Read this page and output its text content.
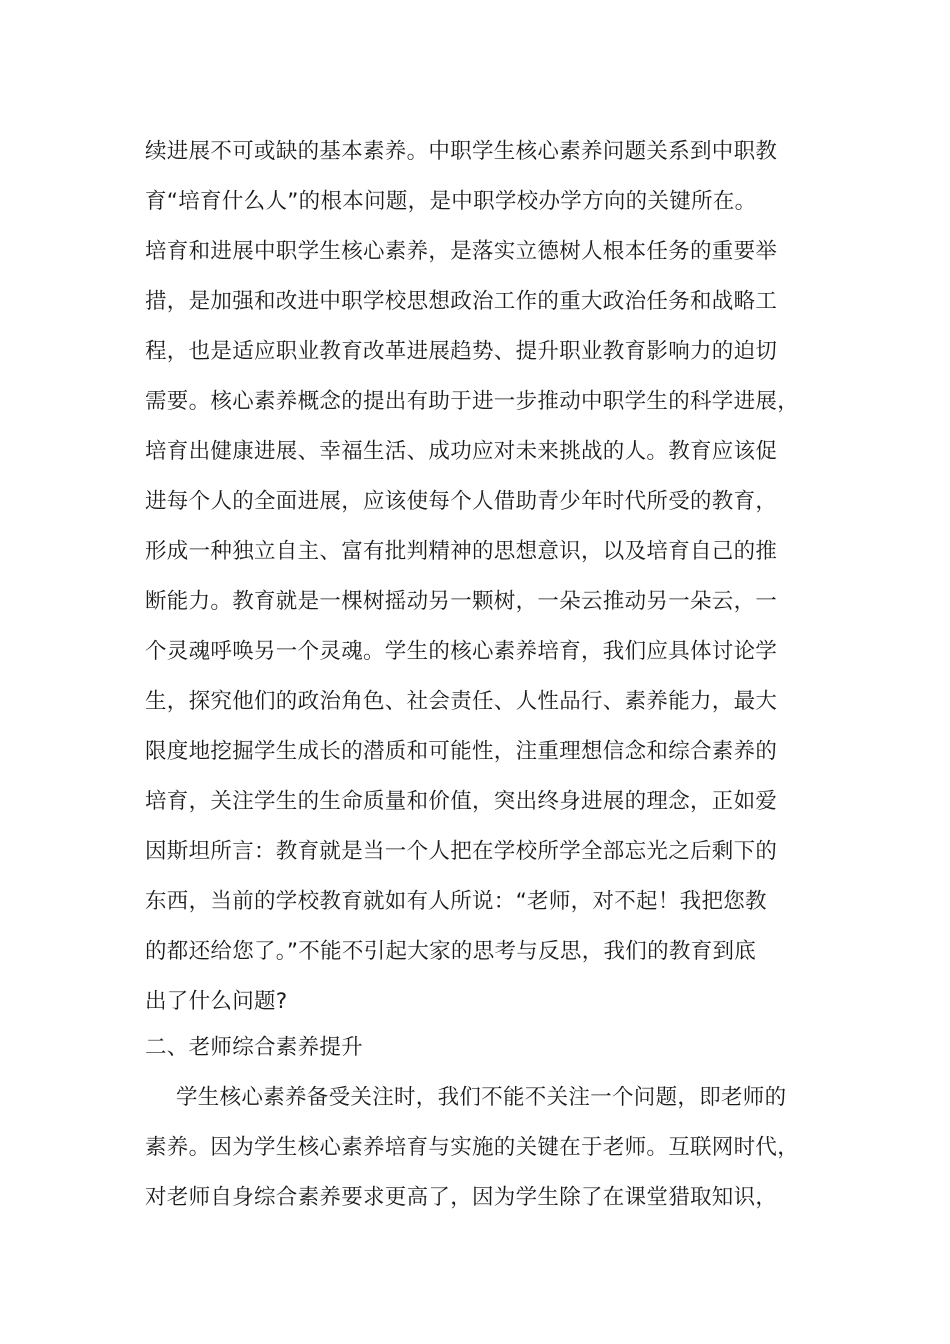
续进展不可或缺的基本素养。中职学生核心素养问题关系到中职教
育“培育什么人”的根本问题，是中职学校办学方向的关键所在。
培育和进展中职学生核心素养，是落实立德树人根本任务的重要举
措，是加强和改进中职学校思想政治工作的重大政治任务和战略工
程，也是适应职业教育改革进展趋势、提升职业教育影响力的迫切
需要。核心素养概念的提出有助于进一步推动中职学生的科学进展，
培育出健康进展、幸福生活、成功应对未来挑战的人。教育应该促
进每个人的全面进展，应该使每个人借助青少年时代所受的教育，
形成一种独立自主、富有批判精神的思想意识，以及培育自己的推
断能力。教育就是一棵树摇动另一颗树，一朵云推动另一朵云，一
个灵魂呼唤另一个灵魂。学生的核心素养培育，我们应具体讨论学
生，探究他们的政治角色、社会责任、人性品行、素养能力，最大
限度地挖掘学生成长的潜质和可能性，注重理想信念和综合素养的
培育，关注学生的生命质量和价值，突出终身进展的理念，正如爱
因斯坦所言：教育就是当一个人把在学校所学全部忘光之后剩下的
东西，当前的学校教育就如有人所说：“老师，对不起！我把您教
的都还给您了。”不能不引起大家的思考与反思，我们的教育到底
出了什么问题?
二、老师综合素养提升
学生核心素养备受关注时，我们不能不关注一个问题，即老师的
素养。因为学生核心素养培育与实施的关键在于老师。互联网时代，
对老师自身综合素养要求更高了，因为学生除了在课堂猎取知识，
